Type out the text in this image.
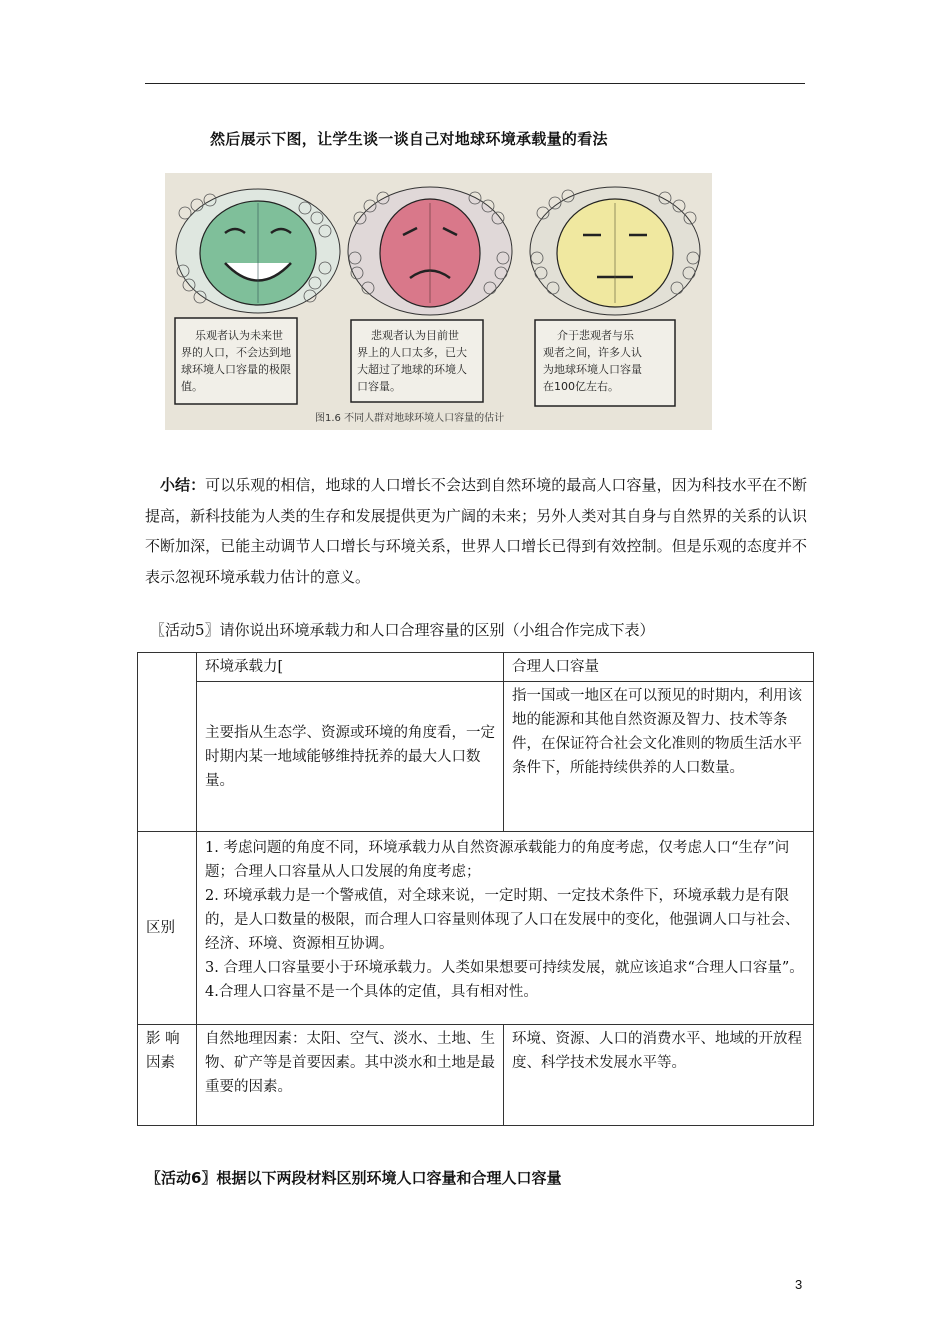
然后展示下图，让学生谈一谈自己对地球环境承载量的看法
乐观者认为未来世
界的人口，不会达到地
球环境人口容量的极限
值。
悲观者认为目前世
界上的人口太多，已大
大超过了地球的环境人
口容量。
介于悲观者与乐
观者之间，许多人认
为地球环境人口容量
在100亿左右。
图1.6 不同人群对地球环境人口容量的估计

小结：可以乐观的相信，地球的人口增长不会达到自然环境的最高人口容量，因为科技水平在不断提高，新科技能为人类的生存和发展提供更为广阔的未来；另外人类对其自身与自然界的关系的认识不断加深，已能主动调节人口增长与环境关系，世界人口增长已得到有效控制。但是乐观的态度并不表示忽视环境承载力估计的意义。

〖活动5〗请你说出环境承载力和人口合理容量的区别（小组合作完成下表）
	环境承载力[	合理人口容量
	主要指从生态学、资源或环境的角度看，一定时期内某一地域能够维持抚养的最大人口数量。	指一国或一地区在可以预见的时期内，利用该地的能源和其他自然资源及智力、技术等条件，在保证符合社会文化准则的物质生活水平条件下，所能持续供养的人口数量。
区别	1. 考虑问题的角度不同，环境承载力从自然资源承载能力的角度考虑，仅考虑人口“生存”问题；合理人口容量从人口发展的角度考虑；

2. 环境承载力是一个警戒值，对全球来说，一定时期、一定技术条件下，环境承载力是有限的，是人口数量的极限，而合理人口容量则体现了人口在发展中的变化，他强调人口与社会、经济、环境、资源相互协调。

3. 合理人口容量要小于环境承载力。人类如果想要可持续发展，就应该追求“合理人口容量”。

4.合理人口容量不是一个具体的定值，具有相对性。	

影 响因素	自然地理因素：太阳、空气、淡水、土地、生物、矿产等是首要因素。其中淡水和土地是最重要的因素。	环境、资源、人口的消费水平、地域的开放程度、科学技术发展水平等。
〖活动6〗根据以下两段材料区别环境人口容量和合理人口容量
3
